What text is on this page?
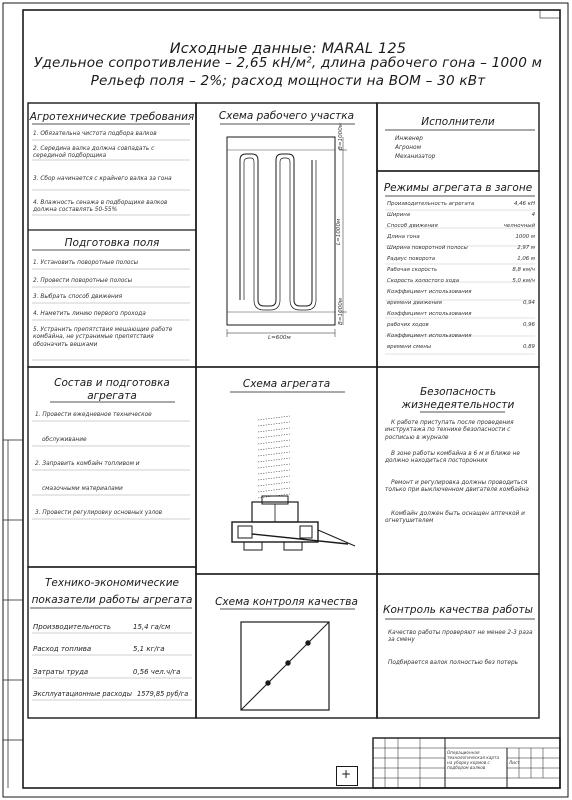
Исходные данные: MARAL 125
Удельное сопротивление – 2,65 кН/м², длина рабочего гона – 1000 м
Рельеф поля – 2%; расход мощности на ВОМ – 30 кВт
Агротехнические требования
1. Обязательна чистота подбора валков
2. Середина валка должна совпадать с серединой подборщика
3. Сбор начинается с крайнего валка за гона
4. Влажность сенажа в подборщике валков должна составлять 50-55%
Подготовка поля
1. Установить поворотные полосы
2. Провести поворотные полосы
3. Выбрать способ движения
4. Наметить линию первого прохода
5. Устранить препятствия мешающие работе комбайна, не устранимые препятствия обозначить вешками
Схема рабочего участка
L=600м
В=1000м
L=1000м
В=1000м
Исполнители
Инженер
Агроном
Механизатор
Режимы агрегата в загоне
Производительность агрегата	4,46 кН
Ширина	4
Способ движения	челночный
Длина гона	1000 м
Ширина поворотной полосы	2,97 м
Радиус поворота	1,06 м
Рабочая скорость	8,8 км/ч
Скорость холостого хода	5,0 км/ч
Коэффициент использования
времени движения	0,94
Коэффициент использования
рабочих ходов	0,96
Коэффициент использования
времени смены	0,89
Состав и подготовка
агрегата
1. Провести ежедневное техническое
обслуживание
2. Заправить комбайн топливом и
смазочными материалами
3. Провести регулировку основных узлов
Схема агрегата
Безопасность
жизнедеятельности
К работе приступать после проведения инструктажа по технике безопасности с росписью в журнале
В зоне работы комбайна в 6 м и ближе не должно находиться посторонних
Ремонт и регулировка должны проводиться только при выключенном двигателе комбайна
Комбайн должен быть оснащен аптечкой и огнетушителем
Технико-экономические
показатели работы агрегата
Производительность	15,4 га/см
Расход топлива	5,1 кг/га
Затраты труда	0,56 чел.ч/га
Эксплуатационные расходы 1579,85 руб/га
Схема контроля качества
Контроль качества работы
Качество работы проверяют не менее 2-3 раза за смену
Подбирается валок полностью без потерь
Операционная технологическая карта на уборку кормов с подбором валков
Лист
+
